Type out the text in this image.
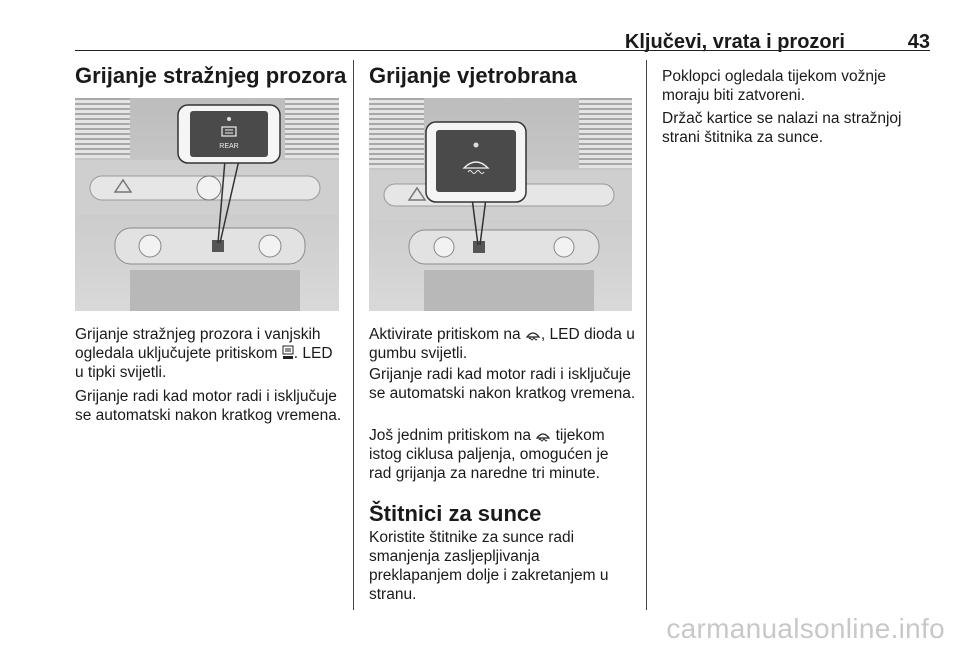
Ključevi, vrata i prozori	43
Grijanje stražnjeg prozora
REAR

Grijanje stražnjeg prozora i vanjskih ogledala uključujete pritiskom . LED u tipki svijetli.

Grijanje radi kad motor radi i isključuje se automatski nakon kratkog vremena.

Grijanje vjetrobrana

Aktivirate pritiskom na , LED dioda u gumbu svijetli.

Grijanje radi kad motor radi i isključuje se automatski nakon kratkog vremena.

Još jednim pritiskom na  tijekom istog ciklusa paljenja, omogućen je rad grijanja za naredne tri minute.

Štitnici za sunce

Koristite štitnike za sunce radi smanjenja zasljepljivanja preklapanjem dolje i zakretanjem u stranu.

Poklopci ogledala tijekom vožnje moraju biti zatvoreni.

Držač kartice se nalazi na stražnjoj strani štitnika za sunce.

carmanualsonline.info
